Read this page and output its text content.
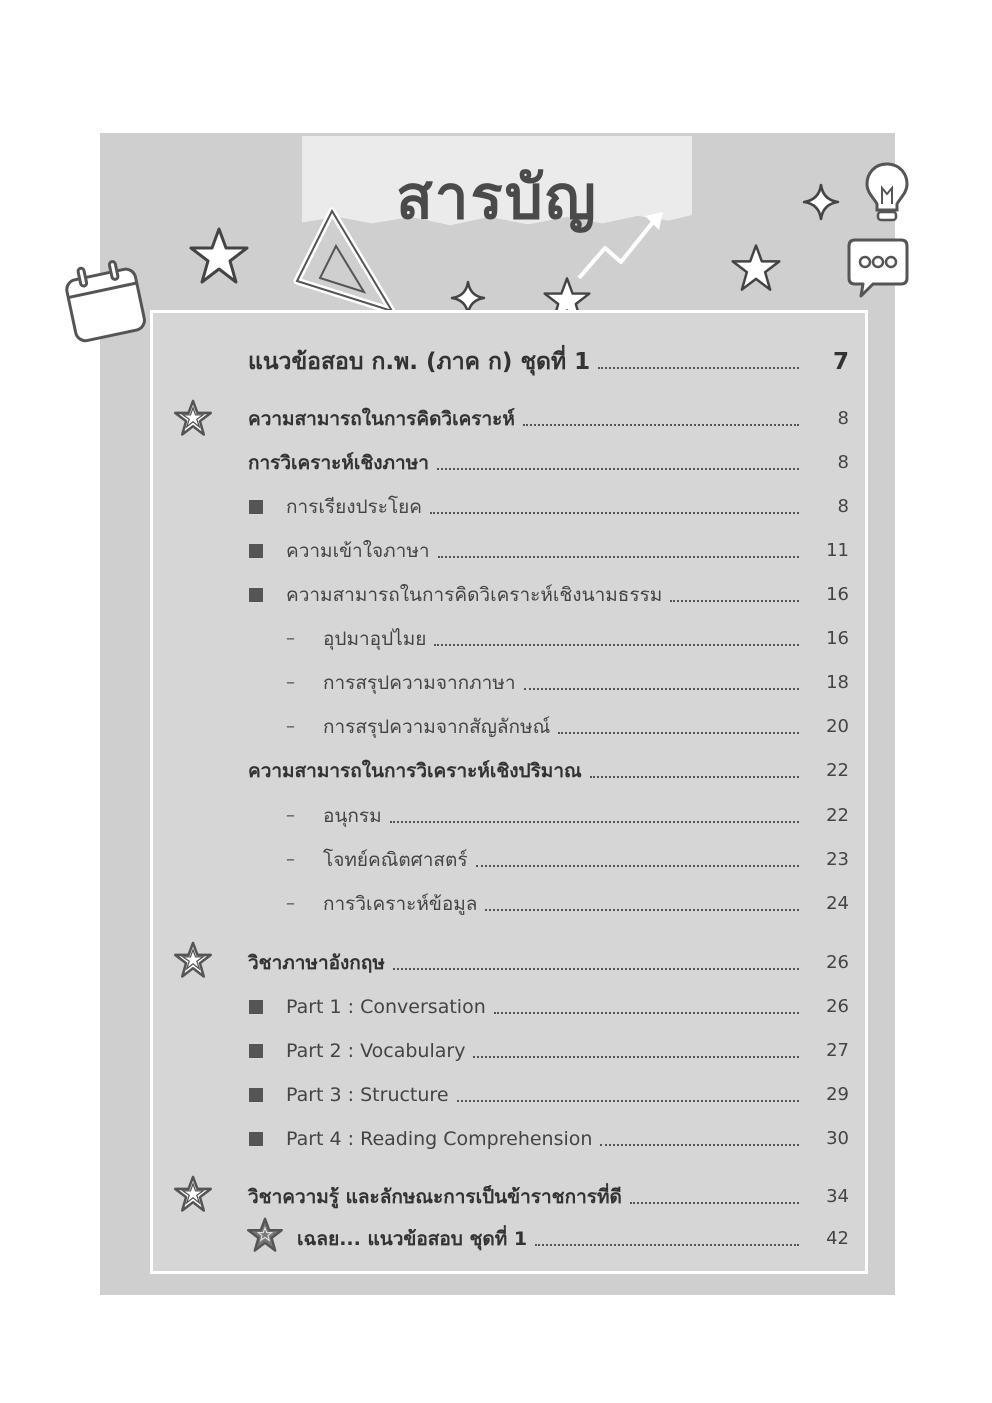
สารบัญ
แนวข้อสอบ ก.พ. (ภาค ก) ชุดที่ 1	7
ความสามารถในการคิดวิเคราะห์	8
การวิเคราะห์เชิงภาษา	8
การเรียงประโยค	8
ความเข้าใจภาษา	11
ความสามารถในการคิดวิเคราะห์เชิงนามธรรม	16
– อุปมาอุปไมย	16
– การสรุปความจากภาษา	18
– การสรุปความจากสัญลักษณ์	20
ความสามารถในการวิเคราะห์เชิงปริมาณ	22
– อนุกรม	22
– โจทย์คณิตศาสตร์	23
– การวิเคราะห์ข้อมูล	24
วิชาภาษาอังกฤษ	26
Part 1 : Conversation	26
Part 2 : Vocabulary	27
Part 3 : Structure	29
Part 4 : Reading Comprehension	30
วิชาความรู้ และลักษณะการเป็นข้าราชการที่ดี	34
เฉลย... แนวข้อสอบ ชุดที่ 1	42
